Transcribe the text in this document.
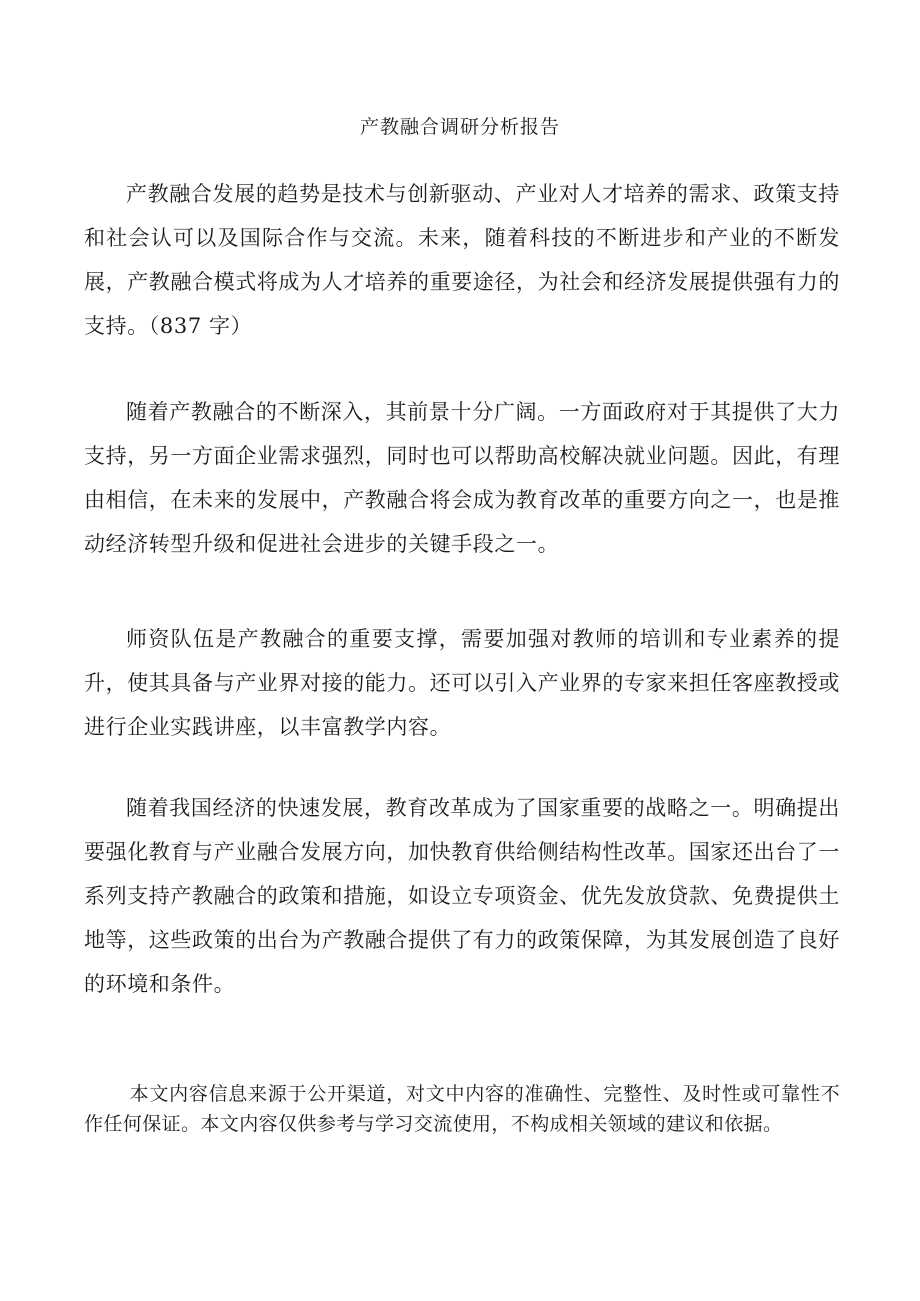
产教融合调研分析报告

产教融合发展的趋势是技术与创新驱动、产业对人才培养的需求、政策支持和社会认可以及国际合作与交流。未来，随着科技的不断进步和产业的不断发展，产教融合模式将成为人才培养的重要途径，为社会和经济发展提供强有力的支持。（837 字）

随着产教融合的不断深入，其前景十分广阔。一方面政府对于其提供了大力支持，另一方面企业需求强烈，同时也可以帮助高校解决就业问题。因此，有理由相信，在未来的发展中，产教融合将会成为教育改革的重要方向之一，也是推动经济转型升级和促进社会进步的关键手段之一。

师资队伍是产教融合的重要支撑，需要加强对教师的培训和专业素养的提升，使其具备与产业界对接的能力。还可以引入产业界的专家来担任客座教授或进行企业实践讲座，以丰富教学内容。

随着我国经济的快速发展，教育改革成为了国家重要的战略之一。明确提出要强化教育与产业融合发展方向，加快教育供给侧结构性改革。国家还出台了一系列支持产教融合的政策和措施，如设立专项资金、优先发放贷款、免费提供土地等，这些政策的出台为产教融合提供了有力的政策保障，为其发展创造了良好的环境和条件。

本文内容信息来源于公开渠道，对文中内容的准确性、完整性、及时性或可靠性不作任何保证。本文内容仅供参考与学习交流使用，不构成相关领域的建议和依据。
